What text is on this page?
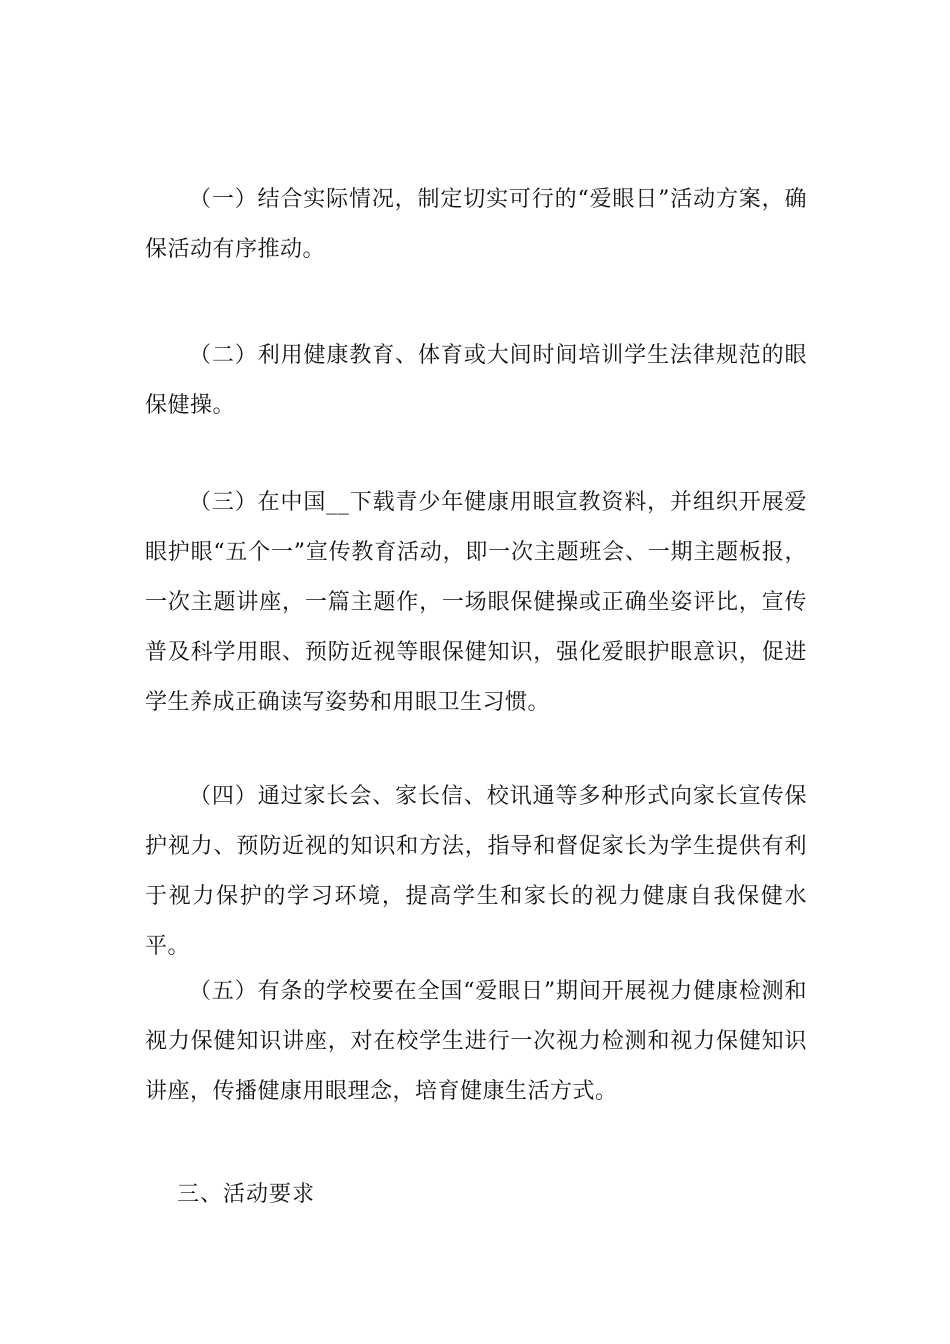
（一）结合实际情况，制定切实可行的“爱眼日”活动方案，确保活动有序推动。

（二）利用健康教育、体育或大间时间培训学生法律规范的眼保健操。

（三）在中国__下载青少年健康用眼宣教资料，并组织开展爱眼护眼“五个一”宣传教育活动，即一次主题班会、一期主题板报，一次主题讲座，一篇主题作，一场眼保健操或正确坐姿评比，宣传普及科学用眼、预防近视等眼保健知识，强化爱眼护眼意识，促进学生养成正确读写姿势和用眼卫生习惯。

（四）通过家长会、家长信、校讯通等多种形式向家长宣传保护视力、预防近视的知识和方法，指导和督促家长为学生提供有利于视力保护的学习环境，提高学生和家长的视力健康自我保健水平。

（五）有条的学校要在全国“爱眼日”期间开展视力健康检测和视力保健知识讲座，对在校学生进行一次视力检测和视力保健知识讲座，传播健康用眼理念，培育健康生活方式。

三、活动要求
